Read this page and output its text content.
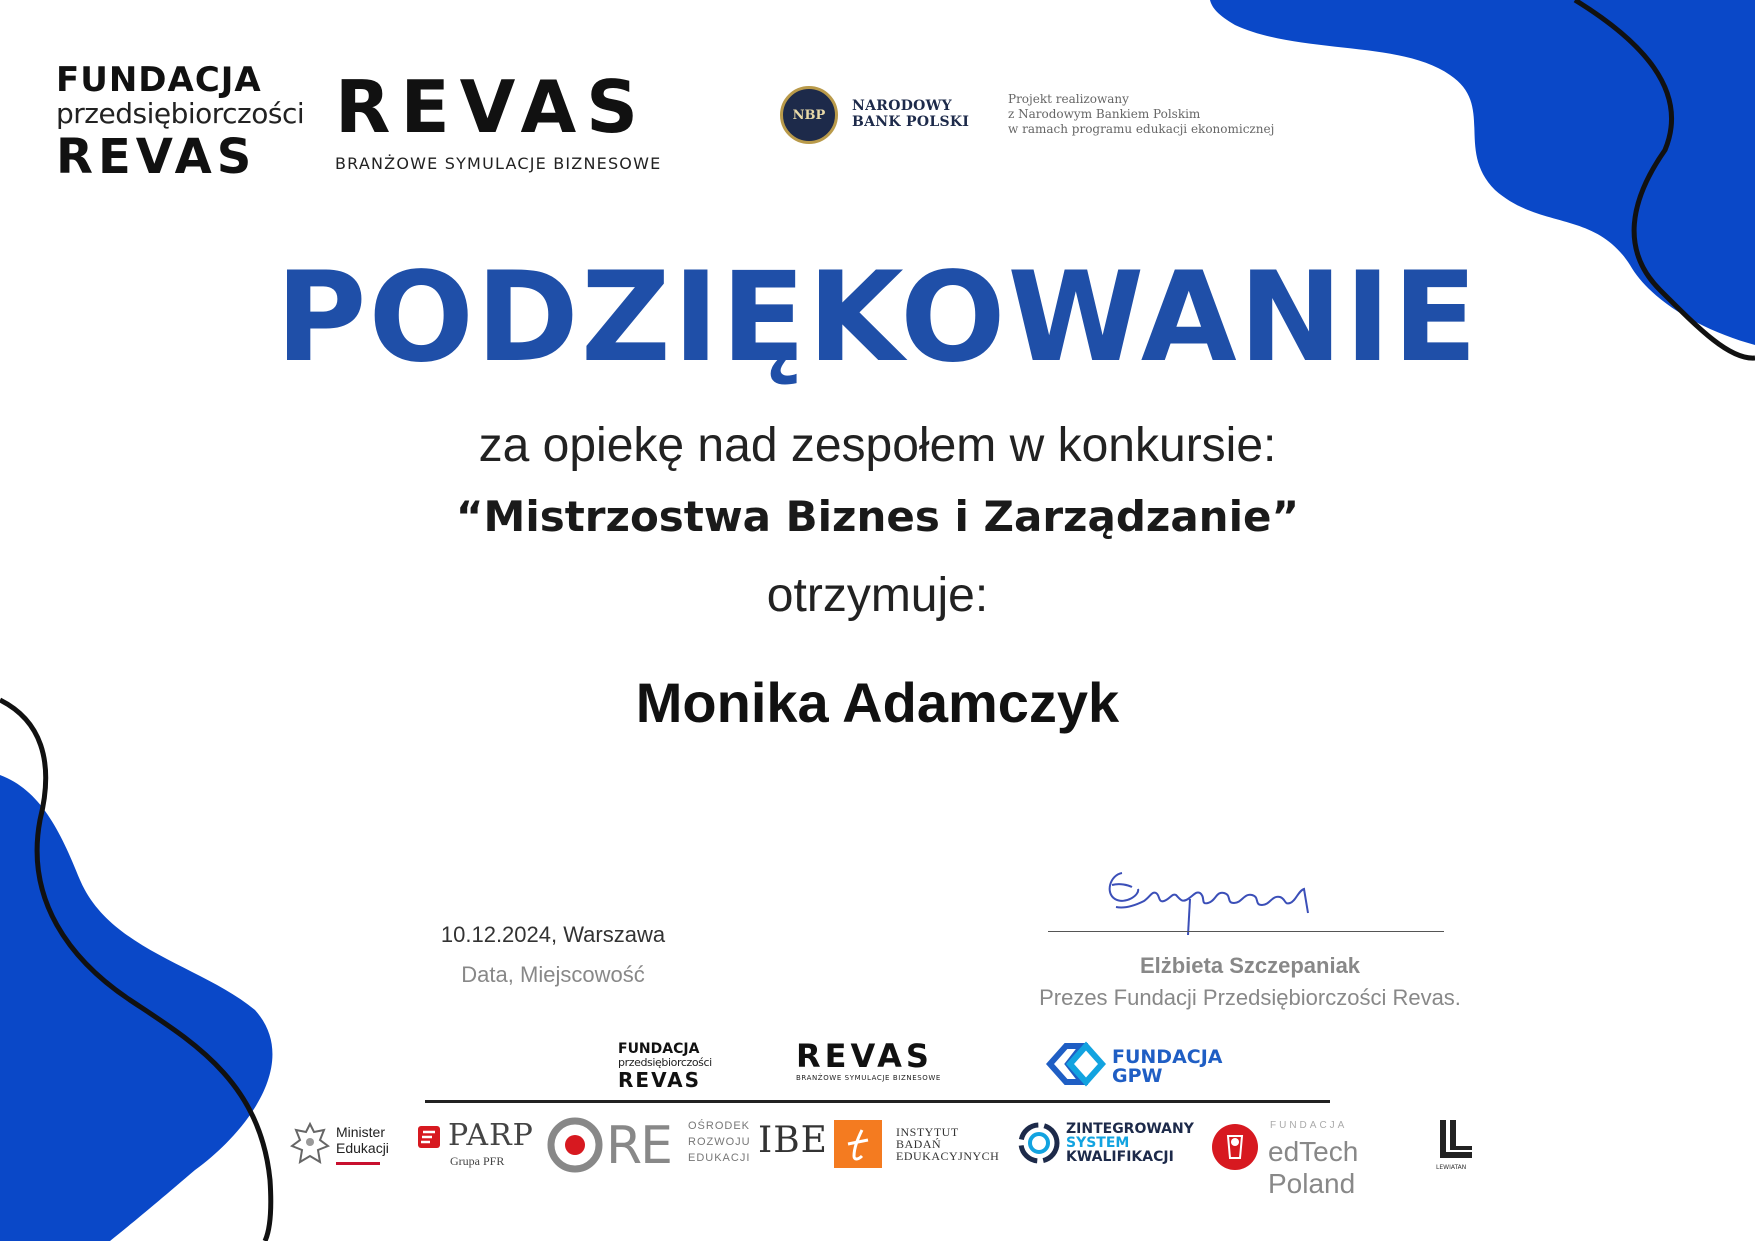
FUNDACJA
przedsiębiorczości
REVAS
REVAS
BRANŻOWE SYMULACJE BIZNESOWE
NBP
NARODOWY
BANK POLSKI
Projekt realizowany
z Narodowym Bankiem Polskim
w ramach programu edukacji ekonomicznej
PODZIĘKOWANIE
za opiekę nad zespołem w konkursie:
“Mistrzostwa Biznes i Zarządzanie”
otrzymuje:
Monika Adamczyk
10.12.2024, Warszawa
Data, Miejscowość	Elżbieta Szczepaniak
Prezes Fundacji Przedsiębiorczości Revas.
FUNDACJA
przedsiębiorczości
REVAS
REVAS
BRANŻOWE SYMULACJE BIZNESOWE
FUNDACJA
GPW
Minister
Edukacji PARP
Grupa PFR RE OŚRODEK
ROZWOJU
EDUKACJI IBE	INSTYTUT
BADAŃ
EDUKACYJNYCH
ZINTEGROWANY
SYSTEM
KWALIFIKACJI
FUNDACJA
edTech Poland
LEWIATAN
